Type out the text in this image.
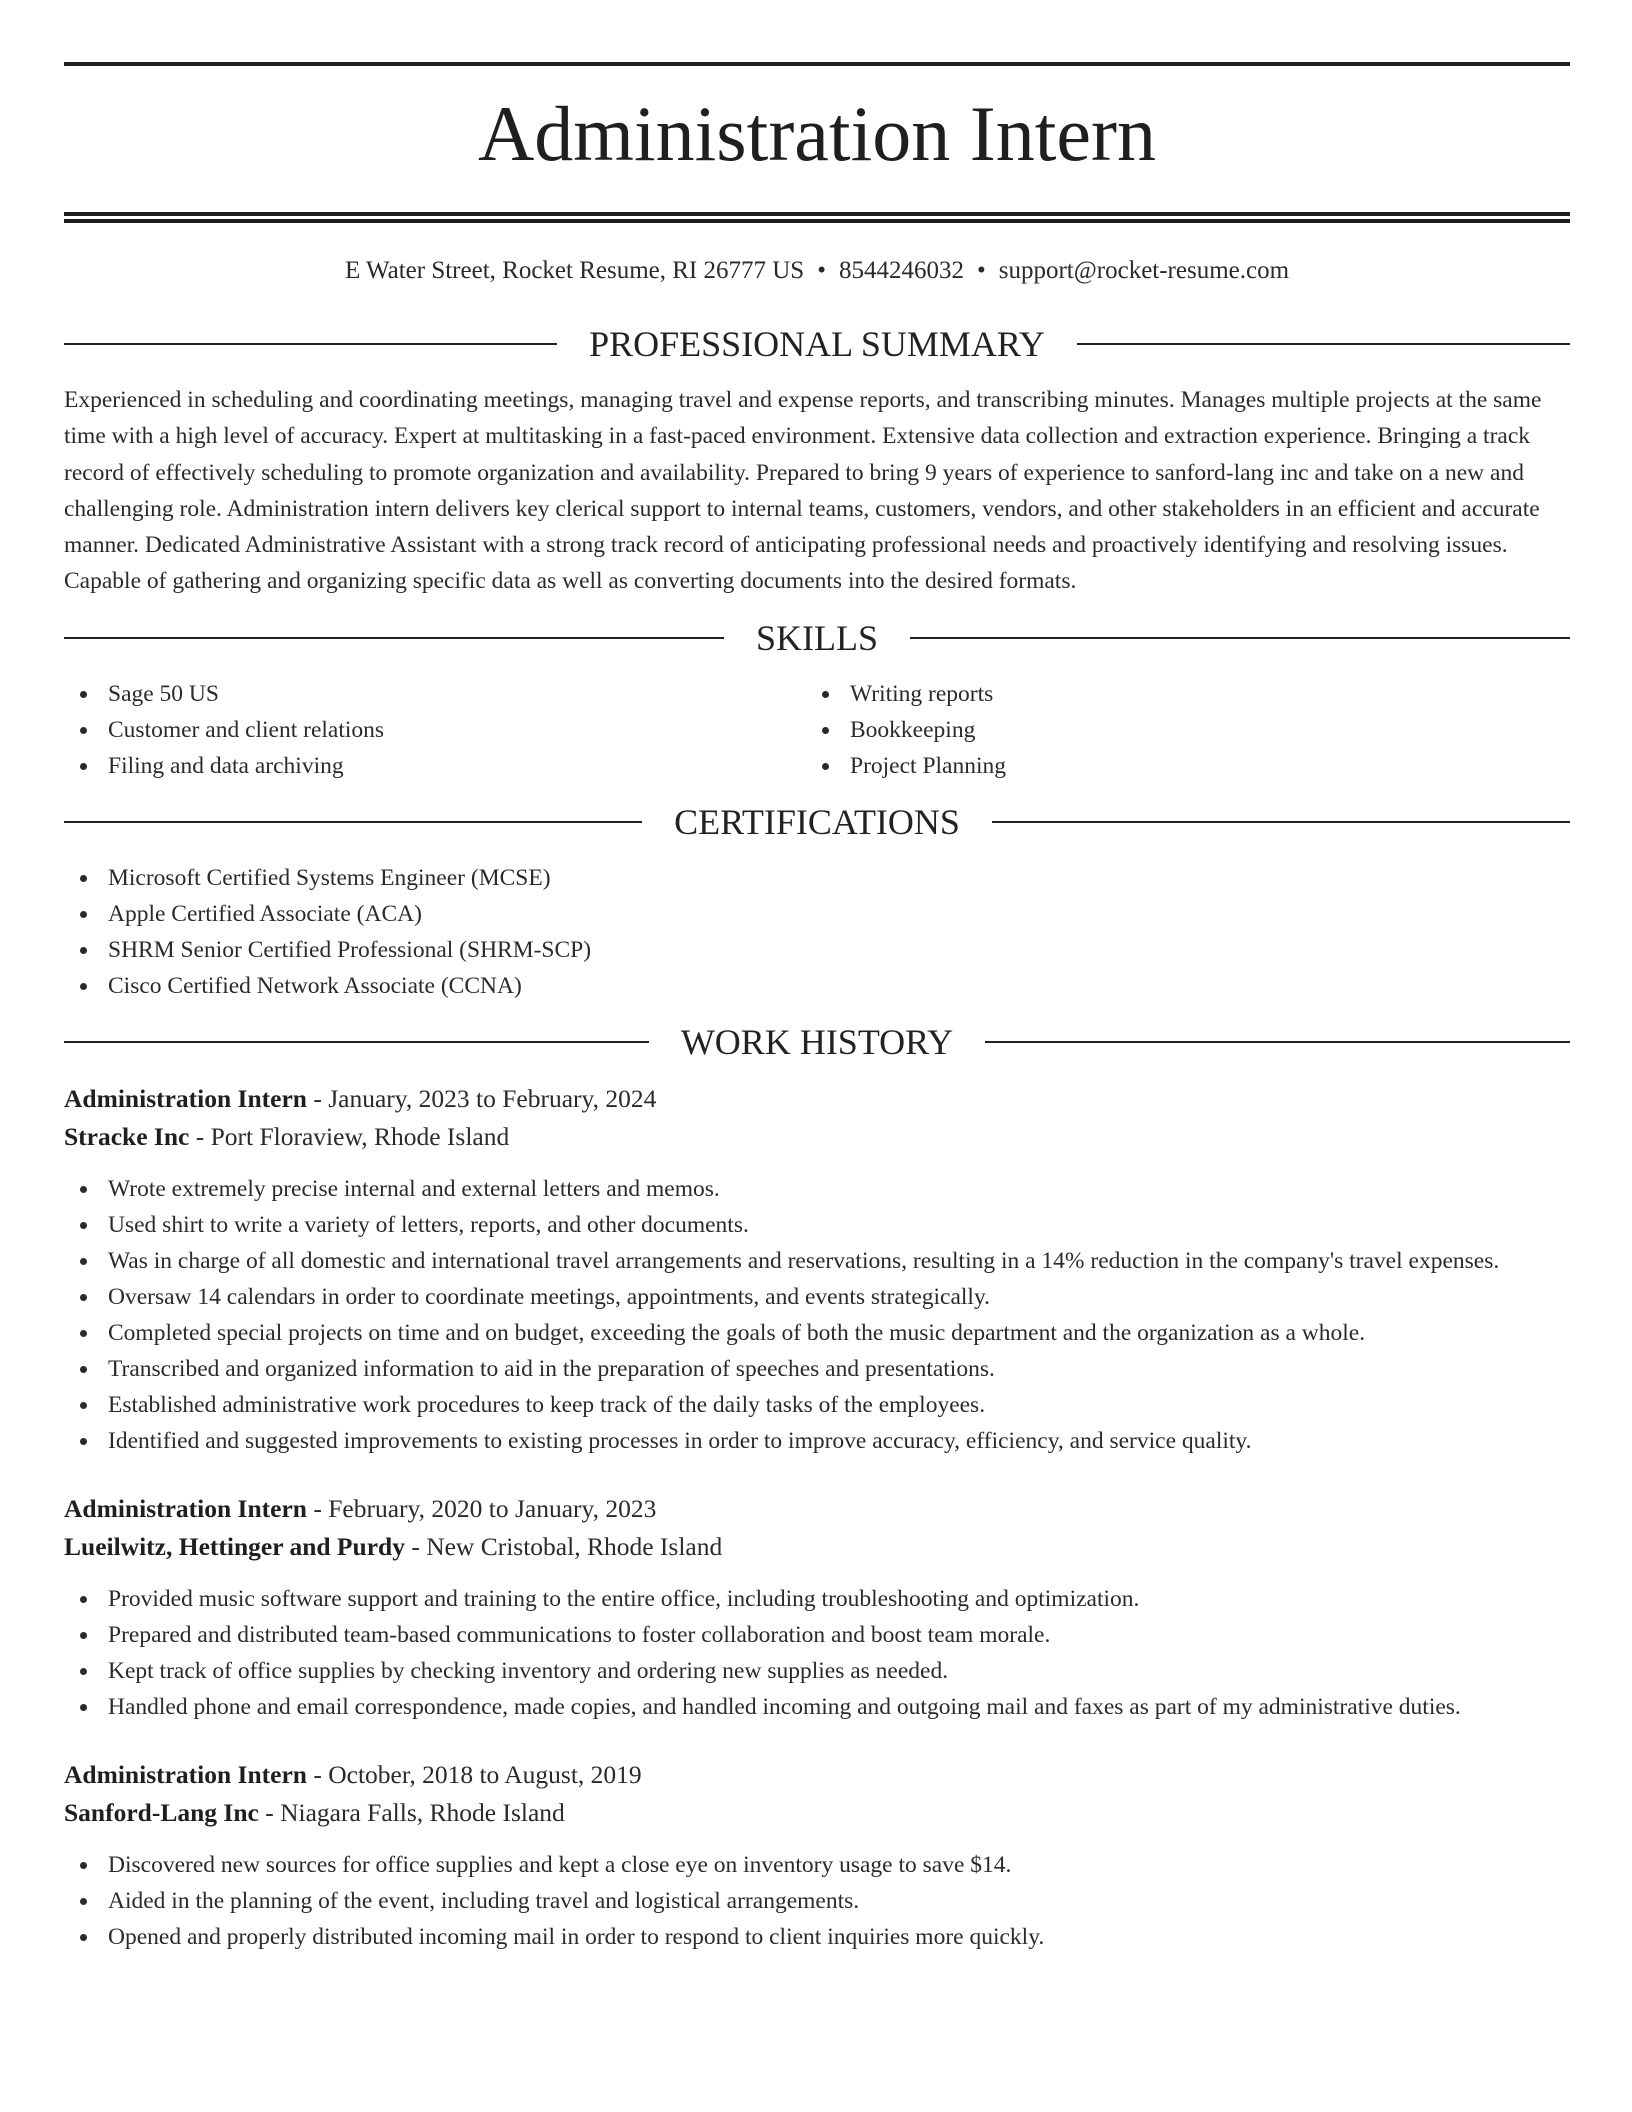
Administration Intern
E Water Street, Rocket Resume, RI 26777 US • 8544246032 • support@rocket-resume.com
PROFESSIONAL SUMMARY

Experienced in scheduling and coordinating meetings, managing travel and expense reports, and transcribing minutes. Manages multiple projects at the same time with a high level of accuracy. Expert at multitasking in a fast-paced environment. Extensive data collection and extraction experience. Bringing a track record of effectively scheduling to promote organization and availability. Prepared to bring 9 years of experience to sanford-lang inc and take on a new and challenging role. Administration intern delivers key clerical support to internal teams, customers, vendors, and other stakeholders in an efficient and accurate manner. Dedicated Administrative Assistant with a strong track record of anticipating professional needs and proactively identifying and resolving issues. Capable of gathering and organizing specific data as well as converting documents into the desired formats.

SKILLS
Sage 50 US
Customer and client relations
Filing and data archiving
Writing reports
Bookkeeping
Project Planning
CERTIFICATIONS
Microsoft Certified Systems Engineer (MCSE)
Apple Certified Associate (ACA)
SHRM Senior Certified Professional (SHRM-SCP)
Cisco Certified Network Associate (CCNA)
WORK HISTORY
Administration Intern - January, 2023 to February, 2024
Stracke Inc - Port Floraview, Rhode Island
Wrote extremely precise internal and external letters and memos.
Used shirt to write a variety of letters, reports, and other documents.
Was in charge of all domestic and international travel arrangements and reservations, resulting in a 14% reduction in the company's travel expenses.
Oversaw 14 calendars in order to coordinate meetings, appointments, and events strategically.
Completed special projects on time and on budget, exceeding the goals of both the music department and the organization as a whole.
Transcribed and organized information to aid in the preparation of speeches and presentations.
Established administrative work procedures to keep track of the daily tasks of the employees.
Identified and suggested improvements to existing processes in order to improve accuracy, efficiency, and service quality.
Administration Intern - February, 2020 to January, 2023
Lueilwitz, Hettinger and Purdy - New Cristobal, Rhode Island
Provided music software support and training to the entire office, including troubleshooting and optimization.
Prepared and distributed team-based communications to foster collaboration and boost team morale.
Kept track of office supplies by checking inventory and ordering new supplies as needed.
Handled phone and email correspondence, made copies, and handled incoming and outgoing mail and faxes as part of my administrative duties.
Administration Intern - October, 2018 to August, 2019
Sanford-Lang Inc - Niagara Falls, Rhode Island
Discovered new sources for office supplies and kept a close eye on inventory usage to save $14.
Aided in the planning of the event, including travel and logistical arrangements.
Opened and properly distributed incoming mail in order to respond to client inquiries more quickly.
